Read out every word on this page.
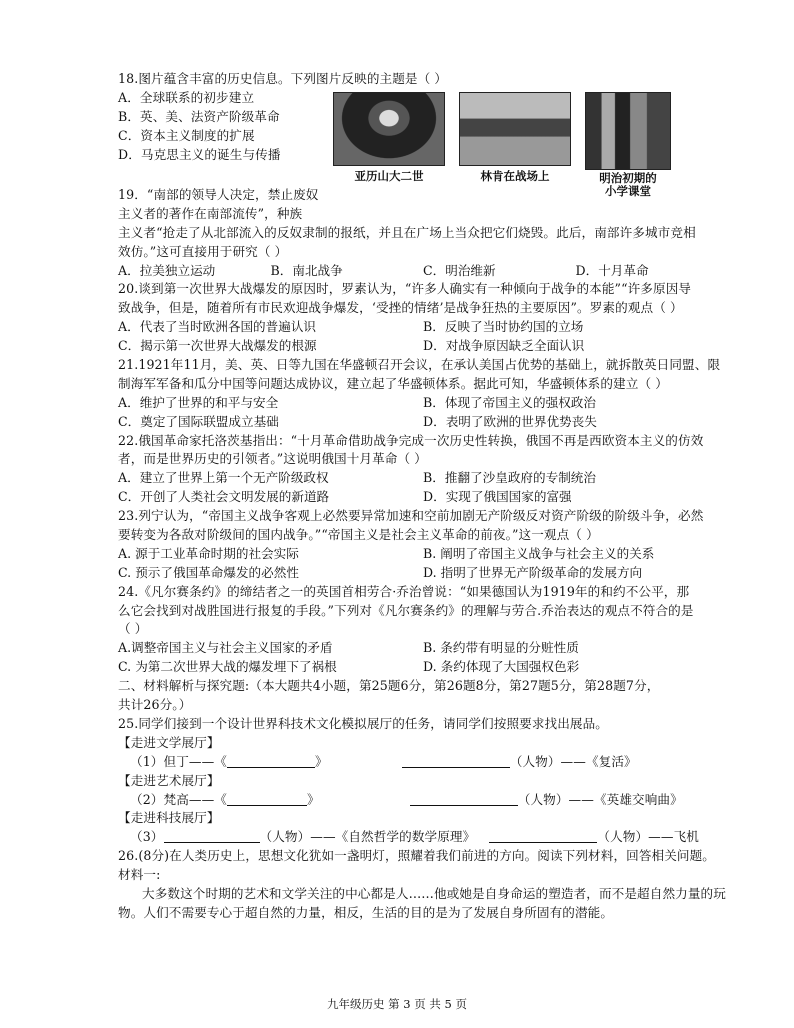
18.图片蕴含丰富的历史信息。下列图片反映的主题是（ ）
A．全球联系的初步建立
B．英、美、法资产阶级革命
C．资本主义制度的扩展
D．马克思主义的诞生与传播
亚历山大二世	林肯在战场上	明治初期的
小学课堂
19．“南部的领导人决定，禁止废奴
主义者的著作在南部流传”，种族
主义者“抢走了从北部流入的反奴隶制的报纸，并且在广场上当众把它们烧毁。此后，南部许多城市竞相
效仿。”这可直接用于研究（ ）
A．拉美独立运动	B．南北战争	C．明治维新	D．十月革命
20.谈到第一次世界大战爆发的原因时，罗素认为，“许多人确实有一种倾向于战争的本能”“许多原因导
致战争，但是，随着所有市民欢迎战争爆发，‘受挫的情绪’是战争狂热的主要原因”。罗素的观点（ ）
A．代表了当时欧洲各国的普遍认识	B．反映了当时协约国的立场
C．揭示第一次世界大战爆发的根源	D．对战争原因缺乏全面认识
21.1921年11月，美、英、日等九国在华盛顿召开会议，在承认美国占优势的基础上，就拆散英日同盟、限
制海军军备和瓜分中国等问题达成协议，建立起了华盛顿体系。据此可知，华盛顿体系的建立（ ）
A．维护了世界的和平与安全	B．体现了帝国主义的强权政治
C．奠定了国际联盟成立基础	D．表明了欧洲的世界优势丧失
22.俄国革命家托洛茨基指出：“十月革命借助战争完成一次历史性转换，俄国不再是西欧资本主义的仿效
者，而是世界历史的引领者。”这说明俄国十月革命（ ）
A．建立了世界上第一个无产阶级政权	B．推翻了沙皇政府的专制统治
C．开创了人类社会文明发展的新道路	D．实现了俄国国家的富强
23.列宁认为，“帝国主义战争客观上必然要异常加速和空前加剧无产阶级反对资产阶级的阶级斗争，必然
要转变为各敌对阶级间的国内战争。”“帝国主义是社会主义革命的前夜。”这一观点（ ）
A. 源于工业革命时期的社会实际	B. 阐明了帝国主义战争与社会主义的关系
C. 预示了俄国革命爆发的必然性	D. 指明了世界无产阶级革命的发展方向
24.《凡尔赛条约》的缔结者之一的英国首相劳合·乔治曾说：“如果德国认为1919年的和约不公平，那
么它会找到对战胜国进行报复的手段。”下列对《凡尔赛条约》的理解与劳合.乔治表达的观点不符合的是
（ ）
A.调整帝国主义与社会主义国家的矛盾	B. 条约带有明显的分赃性质
C. 为第二次世界大战的爆发埋下了祸根	D. 条约体现了大国强权色彩
二、材料解析与探究题:（本大题共4小题，第25题6分，第26题8分，第27题5分，第28题7分，
共计26分。）
25.同学们接到一个设计世界科技术文化模拟展厅的任务，请同学们按照要求找出展品。
【走进文学展厅】
（1）但丁——《	》	（人物）——《复活》
【走进艺术展厅】
（2）梵高——《	》	（人物）——《英雄交响曲》
【走进科技展厅】
（3）	（人物）——《自然哲学的数学原理》	（人物）——飞机
26.(8分)在人类历史上，思想文化犹如一盏明灯，照耀着我们前进的方向。阅读下列材料，回答相关问题。
材料一:
大多数这个时期的艺术和文学关注的中心都是人……他或她是自身命运的塑造者，而不是超自然力量的玩物。人们不需要专心于超自然的力量，相反，生活的目的是为了发展自身所固有的潜能。
九年级历史 第 3 页 共 5 页
